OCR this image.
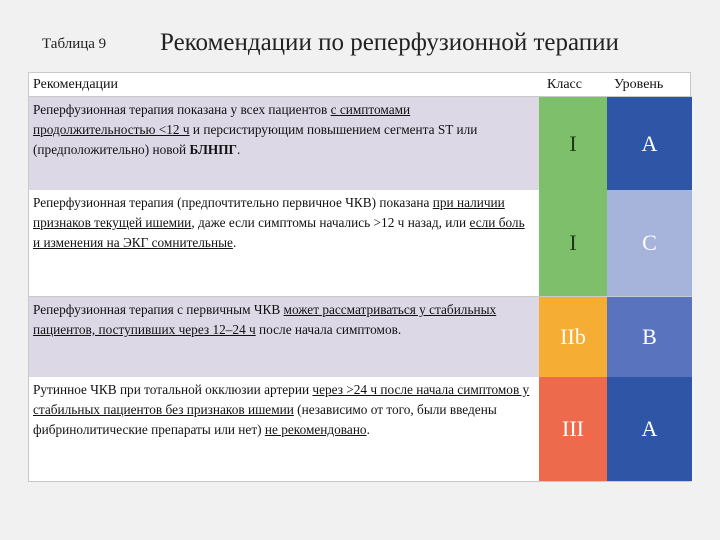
Таблица 9 Рекомендации по реперфузионной терапии
Рекомендации	Класс Уровень
Реперфузионная терапия показана у всех пациентов с симптомами продолжительностью <12 ч и персистирующим повышением сегмента ST или (предположительно) новой БЛНПГ.	I	A
Реперфузионная терапия (предпочтительно первичное ЧКВ) показана при наличии признаков текущей ишемии, даже если симптомы начались >12 ч назад, или если боль и изменения на ЭКГ сомнительные.	I	C
Реперфузионная терапия с первичным ЧКВ может рассматриваться у стабильных пациентов, поступивших через 12–24 ч после начала симптомов.	IIb	B
Рутинное ЧКВ при тотальной окклюзии артерии через >24 ч после начала симптомов у стабильных пациентов без признаков ишемии (независимо от того, были введены фибринолитические препараты или нет) не рекомендовано.	III	A
